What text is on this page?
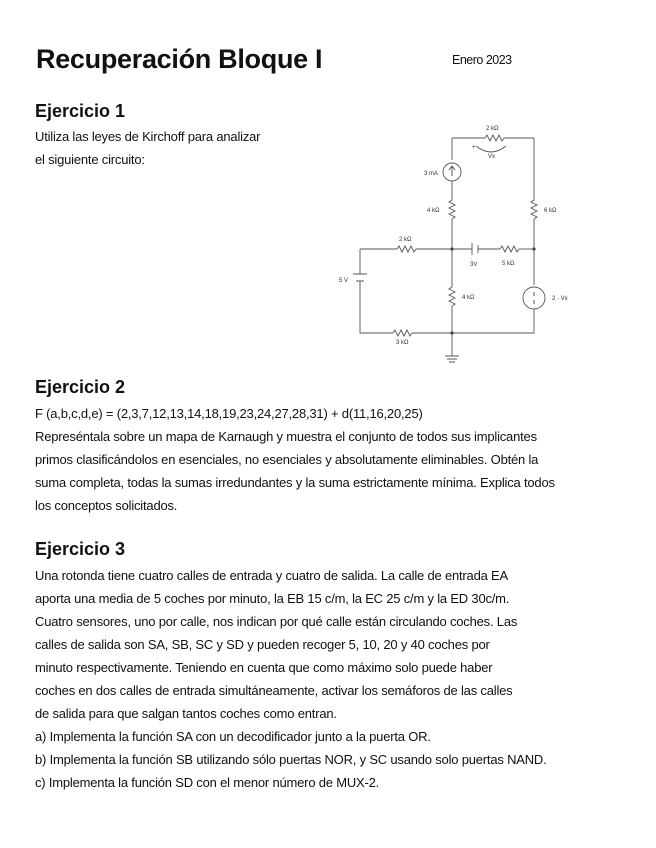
Recuperación Bloque I	Enero 2023
Ejercicio 1
Utiliza las leyes de Kirchoff para analizar
el siguiente circuito:
2 kΩ
Vx
+
3 mA
4 kΩ	6 kΩ
2 kΩ
3V	5 kΩ
5 V
4 kΩ	2 · Vx
3 kΩ
Ejercicio 2
F (a,b,c,d,e) = (2,3,7,12,13,14,18,19,23,24,27,28,31) + d(11,16,20,25)
Represéntala sobre un mapa de Karnaugh y muestra el conjunto de todos sus implicantes
primos clasificándolos en esenciales, no esenciales y absolutamente eliminables. Obtén la
suma completa, todas la sumas irredundantes y la suma estrictamente mínima. Explica todos
los conceptos solicitados.
Ejercicio 3
Una rotonda tiene cuatro calles de entrada y cuatro de salida. La calle de entrada EA
aporta una media de 5 coches por minuto, la EB 15 c/m, la EC 25 c/m y la ED 30c/m.
Cuatro sensores, uno por calle, nos indican por qué calle están circulando coches. Las
calles de salida son SA, SB, SC y SD y pueden recoger 5, 10, 20 y 40 coches por
minuto respectivamente. Teniendo en cuenta que como máximo solo puede haber
coches en dos calles de entrada simultáneamente, activar los semáforos de las calles
de salida para que salgan tantos coches como entran.
a) Implementa la función SA con un decodificador junto a la puerta OR.
b) Implementa la función SB utilizando sólo puertas NOR, y SC usando solo puertas NAND.
c) Implementa la función SD con el menor número de MUX-2.
